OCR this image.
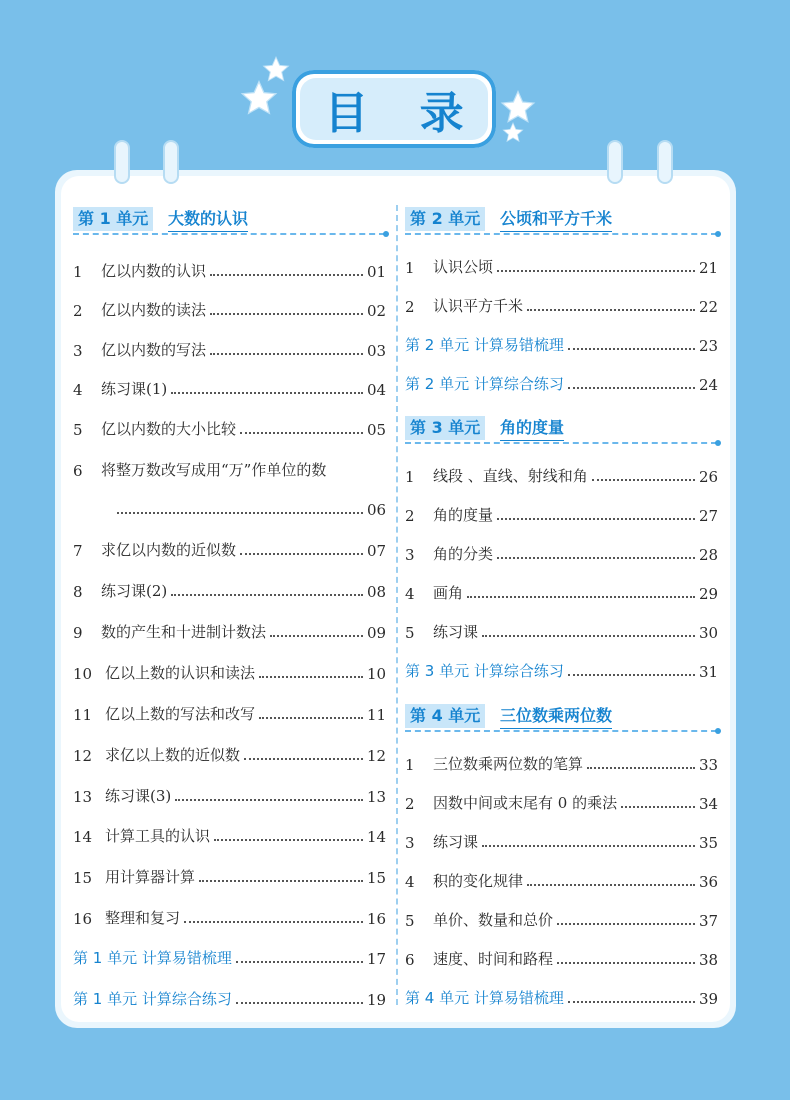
目 录
第 1 单元	大数的认识
1	亿以内数的认识	01
2	亿以内数的读法	02
3	亿以内数的写法	03
4	练习课(1)	04
5	亿以内数的大小比较	05
6	将整万数改写成用“万”作单位的数
06
7	求亿以内数的近似数	07
8	练习课(2)	08
9	数的产生和十进制计数法	09
10 亿以上数的认识和读法	10
11 亿以上数的写法和改写	11
12 求亿以上数的近似数	12
13 练习课(3)	13
14 计算工具的认识	14
15 用计算器计算	15
16 整理和复习	16
第 1 单元 计算易错梳理	17
第 1 单元 计算综合练习	19
第 2 单元	公顷和平方千米
1	认识公顷	21
2	认识平方千米	22
第 2 单元 计算易错梳理	23
第 2 单元 计算综合练习	24
第 3 单元	角的度量
1	线段 、直线、射线和角	26
2	角的度量	27
3	角的分类	28
4	画角	29
5	练习课	30
第 3 单元 计算综合练习	31
第 4 单元	三位数乘两位数
1	三位数乘两位数的笔算	33
2	因数中间或末尾有 0 的乘法	34
3	练习课	35
4	积的变化规律	36
5	单价、数量和总价	37
6	速度、时间和路程	38
第 4 单元 计算易错梳理	39
